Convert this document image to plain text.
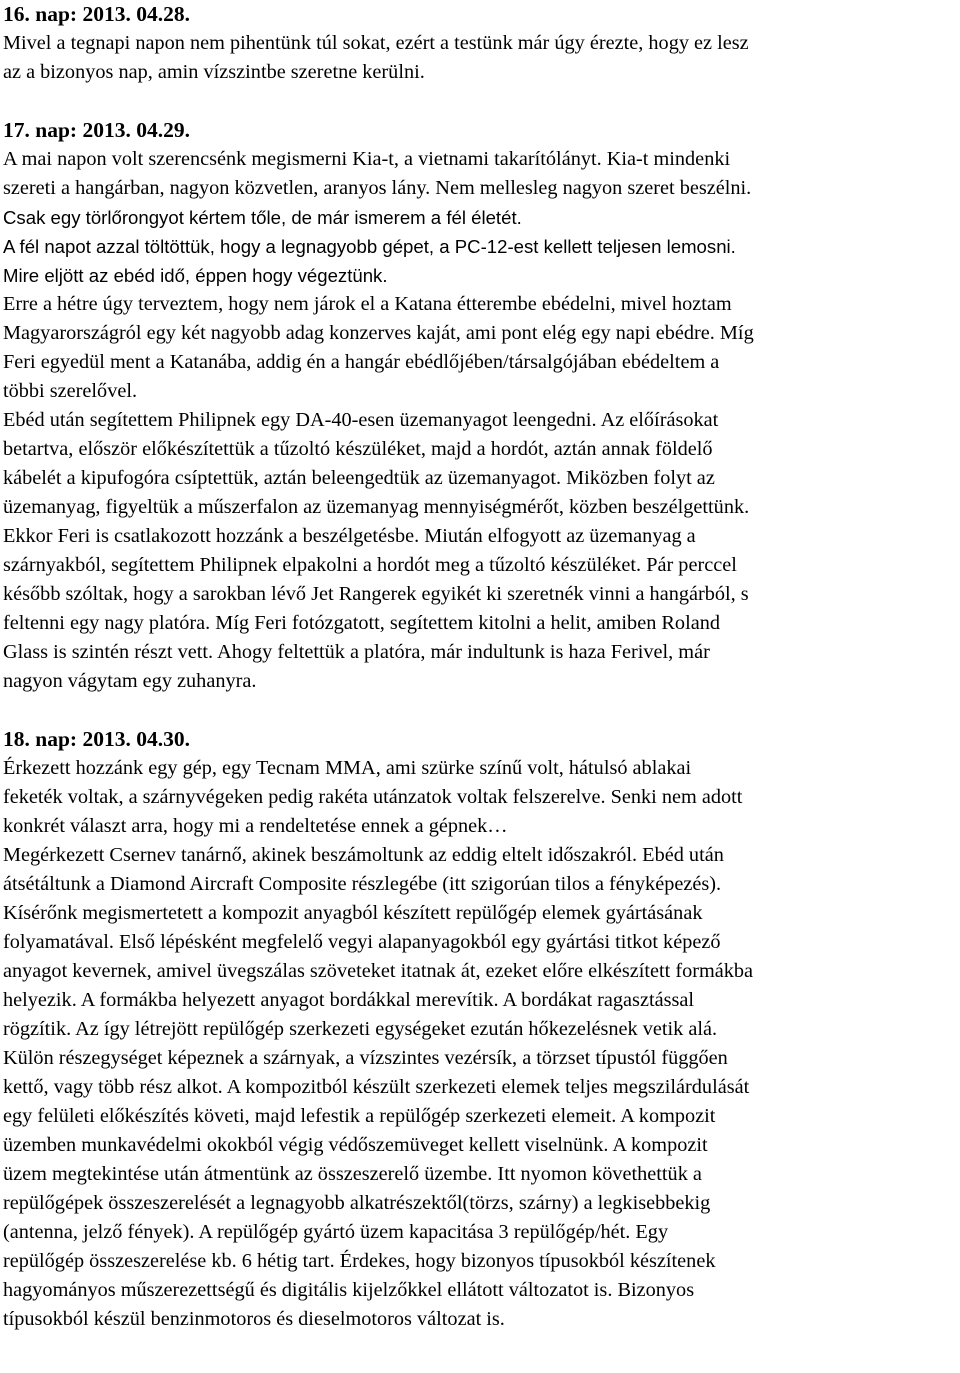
16. nap: 2013. 04.28.
Mivel a tegnapi napon nem pihentünk túl sokat, ezért a testünk már úgy érezte, hogy ez lesz
az a bizonyos nap, amin vízszintbe szeretne kerülni.
17. nap: 2013. 04.29.
A mai napon volt szerencsénk megismerni Kia-t, a vietnami takarítólányt. Kia-t mindenki
szereti a hangárban, nagyon közvetlen, aranyos lány. Nem mellesleg nagyon szeret beszélni.
Csak egy törlőrongyot kértem tőle, de már ismerem a fél életét.
A fél napot azzal töltöttük, hogy a legnagyobb gépet, a PC-12-est kellett teljesen lemosni.
Mire eljött az ebéd idő, éppen hogy végeztünk.
Erre a hétre úgy terveztem, hogy nem járok el a Katana étterembe ebédelni, mivel hoztam
Magyarországról egy két nagyobb adag konzerves kaját, ami pont elég egy napi ebédre. Míg
Feri egyedül ment a Katanába, addig én a hangár ebédlőjében/társalgójában ebédeltem a
többi szerelővel.
Ebéd után segítettem Philipnek egy DA-40-esen üzemanyagot leengedni. Az előírásokat
betartva, először előkészítettük a tűzoltó készüléket, majd a hordót, aztán annak földelő
kábelét a kipufogóra csíptettük, aztán beleengedtük az üzemanyagot. Miközben folyt az
üzemanyag, figyeltük a műszerfalon az üzemanyag mennyiségmérőt, közben beszélgettünk.
Ekkor Feri is csatlakozott hozzánk a beszélgetésbe. Miután elfogyott az üzemanyag a
szárnyakból, segítettem Philipnek elpakolni a hordót meg a tűzoltó készüléket. Pár perccel
később szóltak, hogy a sarokban lévő Jet Rangerek egyikét ki szeretnék vinni a hangárból, s
feltenni egy nagy platóra. Míg Feri fotózgatott, segítettem kitolni a helit, amiben Roland
Glass is szintén részt vett. Ahogy feltettük a platóra, már indultunk is haza Ferivel, már
nagyon vágytam egy zuhanyra.
18. nap: 2013. 04.30.
Érkezett hozzánk egy gép, egy Tecnam MMA, ami szürke színű volt, hátulsó ablakai
feketék voltak, a szárnyvégeken pedig rakéta utánzatok voltak felszerelve. Senki nem adott
konkrét választ arra, hogy mi a rendeltetése ennek a gépnek…
Megérkezett Csernev tanárnő, akinek beszámoltunk az eddig eltelt időszakról. Ebéd után
átsétáltunk a Diamond Aircraft Composite részlegébe (itt szigorúan tilos a fényképezés).
Kísérőnk megismertetett a kompozit anyagból készített repülőgép elemek gyártásának
folyamatával. Első lépésként megfelelő vegyi alapanyagokból egy gyártási titkot képező
anyagot kevernek, amivel üvegszálas szöveteket itatnak át, ezeket előre elkészített formákba
helyezik. A formákba helyezett anyagot bordákkal merevítik. A bordákat ragasztással
rögzítik. Az így létrejött repülőgép szerkezeti egységeket ezután hőkezelésnek vetik alá.
Külön részegységet képeznek a szárnyak, a vízszintes vezérsík, a törzset típustól függően
kettő, vagy több rész alkot. A kompozitból készült szerkezeti elemek teljes megszilárdulását
egy felületi előkészítés követi, majd lefestik a repülőgép szerkezeti elemeit. A kompozit
üzemben munkavédelmi okokból végig védőszemüveget kellett viselnünk. A kompozit
üzem megtekintése után átmentünk az összeszerelő üzembe. Itt nyomon követhettük a
repülőgépek összeszerelését a legnagyobb alkatrészektől(törzs, szárny) a legkisebbekig
(antenna, jelző fények). A repülőgép gyártó üzem kapacitása 3 repülőgép/hét. Egy
repülőgép összeszerelése kb. 6 hétig tart. Érdekes, hogy bizonyos típusokból készítenek
hagyományos műszerezettségű és digitális kijelzőkkel ellátott változatot is. Bizonyos
típusokból készül benzinmotoros és dieselmotoros változat is.
